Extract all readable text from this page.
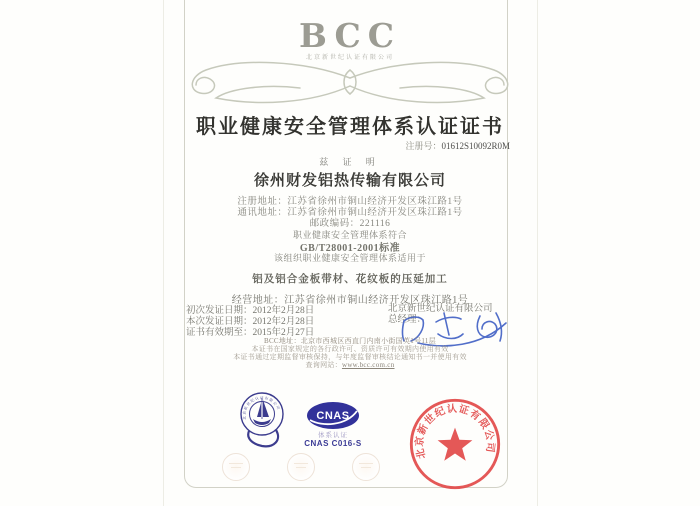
BCC
北京新世纪认证有限公司
职业健康安全管理体系认证证书
注册号：01612S10092R0M
兹 证 明
徐州财发铝热传输有限公司
注册地址：江苏省徐州市铜山经济开发区珠江路1号
通讯地址：江苏省徐州市铜山经济开发区珠江路1号
邮政编码：221116
职业健康安全管理体系符合
GB/T28001-2001标准
该组织职业健康安全管理体系适用于
铝及铝合金板带材、花纹板的压延加工
经营地址：江苏省徐州市铜山经济开发区珠江路1号
初次发证日期：2012年2月28日
本次发证日期：2012年2月28日
证书有效期至：2015年2月27日
北京新世纪认证有限公司
总经理：
BCC地址：北京市西城区西直门内南小街国英1号11层
本证书在国家规定的各行政许可、资质许可有效期内使用有效
本证书通过定期监督审核保持，与年度监督审核结论通知书一并使用有效
查询网站：www.bcc.com.cn
北京新世纪认证有限公司
CNAS
体系认证
CNAS C016-S
北京新世纪认证有限公司
